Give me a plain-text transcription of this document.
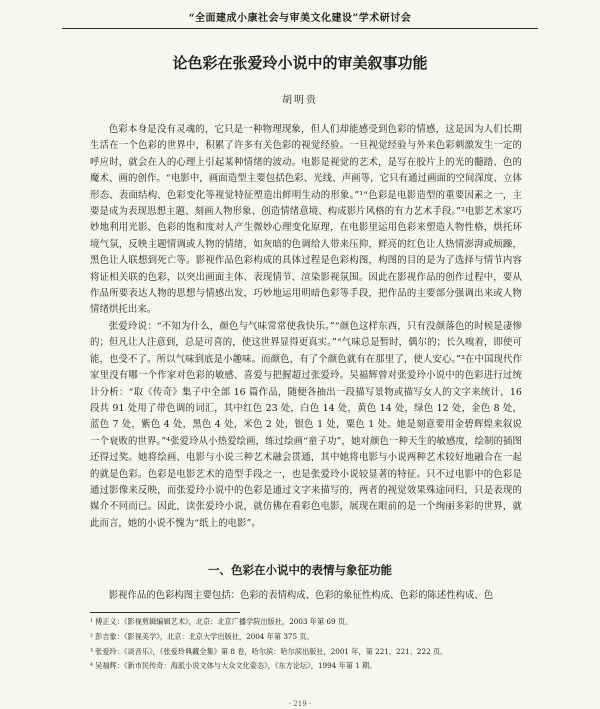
“全面建成小康社会与审美文化建设”学术研讨会
论色彩在张爱玲小说中的审美叙事功能
胡明贵

色彩本身是没有灵魂的，它只是一种物理现象，但人们却能感受到色彩的情感，这是因为人们长期生活在一个色彩的世界中，积累了许多有关色彩的视觉经验。一旦视觉经验与外来色彩刺激发生一定的呼应时，就会在人的心理上引起某种情绪的波动。电影是视觉的艺术，是写在胶片上的光的髓踏、色的魔术、画的创作。“电影中，画面造型主要包括色彩、光线、声画等，它只有通过画面的空间深度、立体形态、表面结构、色彩变化等视觉特征塑造出鲜明生动的形象。”¹“色彩是电影造型的重要因素之一，主要是成为表现思想主题、刻画人物形象、创造情绪意境、构成影片风格的有力艺术手段。”²电影艺术家巧妙地利用光影、色彩的饱和度对人产生微妙心理变化原理，在电影里运用色彩来塑造人物性格，烘托环境气氛，反映主题情调或人物的情绪，如灰暗的色调给人带来压抑，鲜亮的红色让人热情澎湃或烦躁，黑色让人联想到死亡等。影视作品色彩构成的具体过程是色彩构图，构图的目的是为了选择与情节内容将证相关联的色彩，以突出画面主体、表现情节、渲染影视氛围。因此在影视作品的创作过程中，要从作品所要表达人物的思想与情感出发，巧妙地运用明暗色彩等手段，把作品的主要部分强调出来或人物情绪烘托出来。

张爱玲说：“不知为什么，颜色与气味常常使我快乐。”“颜色这样东西，只有没颜落色的时候是凄惨的；但凡让人注意到，总是可喜的，使这世界显得更真实。”“气味总是暂时，偶尔的；长久嗅着，即使可能，也受不了。所以气味到底是小趣味。而颜色，有了个颜色就有在那里了，使人安心。”³在中国现代作家里没有哪一个作家对色彩的敏感、喜爱与把握超过张爱玲。吴福辉曾对张爱玲小说中的色彩进行过统计分析：“取《传奇》集子中全部 16 篇作品，随便各抽出一段描写景物或描写女人的文字来统计，16 段共 91 处用了带色调的词汇，其中红色 23 处，白色 14 处，黄色 14 处，绿色 12 处，金色 8 处，蓝色 7 处，紫色 4 处，黑色 4 处，米色 2 处，银色 1 处，粟色 1 处。她是刻意要用金碧辉煌来叙说一个衰败的世界。”⁴张爱玲从小热爱绘画，练过绘画“童子功”，她对颜色一种天生的敏感度，绘制的插图还得过奖。她将绘画、电影与小说三种艺术融会贯通，其中她将电影与小说两种艺术较好地融合在一起的就是色彩。色彩是电影艺术的造型手段之一，也是张爱玲小说较显著的特征。只不过电影中的色彩是通过影像来反映，而张爱玲小说中的色彩是通过文字来描写的，两者的视觉效果殊途同归，只是表现的媒介不同而已。因此，读张爱玲小说，就仿佛在看彩色电影，展现在眼前的是一个绚丽多彩的世界，就此而言，她的小说不愧为“纸上的电影”。

一、色彩在小说中的表情与象征功能

影视作品的色彩构图主要包括：色彩的表情构成、色彩的象征性构成、色彩的陈述性构成、色

¹ 傅正义：《影视剪辑编辑艺术》，北京：北京广播学院出版社，2003 年第 69 页。
² 彭吉象：《影视美学》，北京：北京大学出版社，2004 年第 375 页。
³ 张爱玲：《谈音乐》，《张爱玲典藏全集》第 8 卷，哈尔滨：哈尔滨出版社，2001 年，第 221、221、222 页。
⁴ 吴福辉：《新市民传奇：海派小说文体与大众文化姿态》，《东方论坛》，1994 年第 1 期。
· 219 ·
